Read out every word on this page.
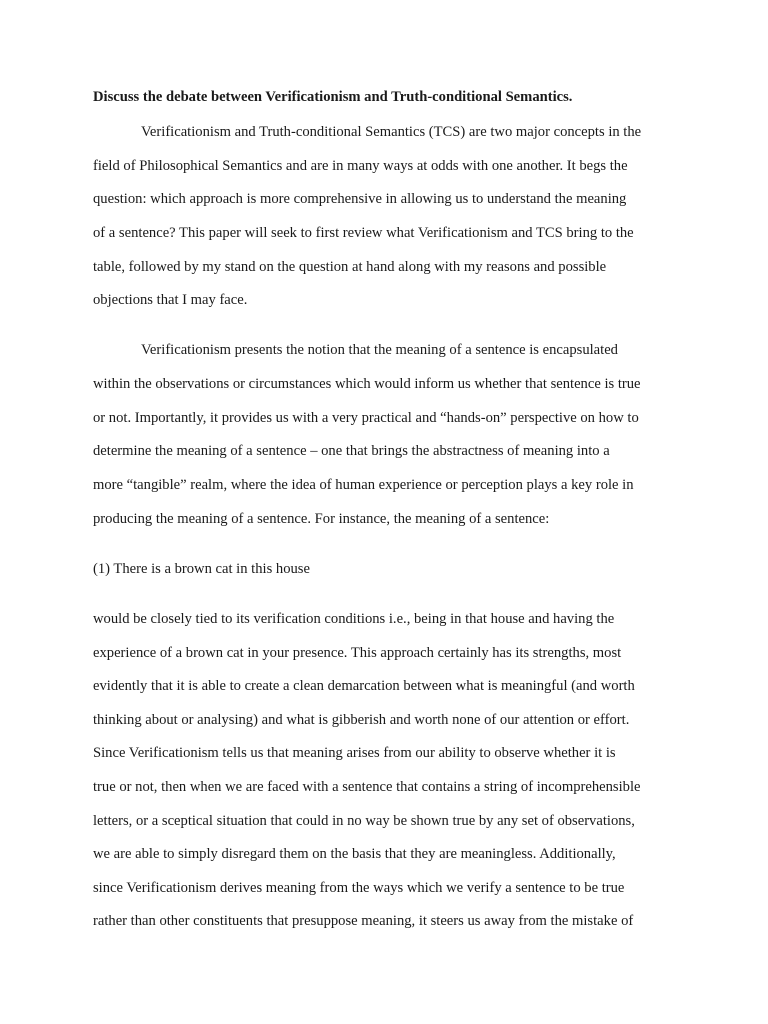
Discuss the debate between Verificationism and Truth-conditional Semantics.
Verificationism and Truth-conditional Semantics (TCS) are two major concepts in the
field of Philosophical Semantics and are in many ways at odds with one another. It begs the
question: which approach is more comprehensive in allowing us to understand the meaning
of a sentence? This paper will seek to first review what Verificationism and TCS bring to the
table, followed by my stand on the question at hand along with my reasons and possible
objections that I may face.
Verificationism presents the notion that the meaning of a sentence is encapsulated
within the observations or circumstances which would inform us whether that sentence is true
or not. Importantly, it provides us with a very practical and “hands-on” perspective on how to
determine the meaning of a sentence – one that brings the abstractness of meaning into a
more “tangible” realm, where the idea of human experience or perception plays a key role in
producing the meaning of a sentence. For instance, the meaning of a sentence:
(1) There is a brown cat in this house
would be closely tied to its verification conditions i.e., being in that house and having the
experience of a brown cat in your presence. This approach certainly has its strengths, most
evidently that it is able to create a clean demarcation between what is meaningful (and worth
thinking about or analysing) and what is gibberish and worth none of our attention or effort.
Since Verificationism tells us that meaning arises from our ability to observe whether it is
true or not, then when we are faced with a sentence that contains a string of incomprehensible
letters, or a sceptical situation that could in no way be shown true by any set of observations,
we are able to simply disregard them on the basis that they are meaningless. Additionally,
since Verificationism derives meaning from the ways which we verify a sentence to be true
rather than other constituents that presuppose meaning, it steers us away from the mistake of
